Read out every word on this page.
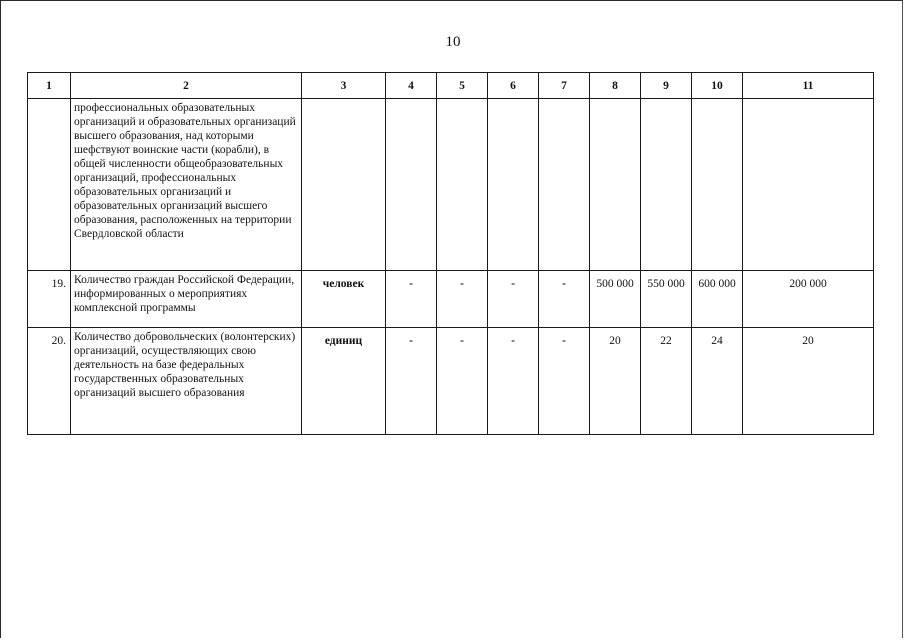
10
1	2	3	4	5	6	7	8	9	10	11
	профессиональных образовательных организаций и образовательных организаций высшего образования, над которыми шефствуют воинские части (корабли), в общей численности общеобразовательных организаций, профессиональных образовательных организаций и образовательных организаций высшего образования, расположенных на территории Свердловской области									
19.	Количество граждан Российской Федерации, информированных о мероприятиях комплексной программы	человек	-	-	-	-	500 000	550 000	600 000	200 000
20.	Количество добровольческих (волонтерских) организаций, осуществляющих свою деятельность на базе федеральных государственных образовательных организаций высшего образования	единиц	-	-	-	-	20	22	24	20
